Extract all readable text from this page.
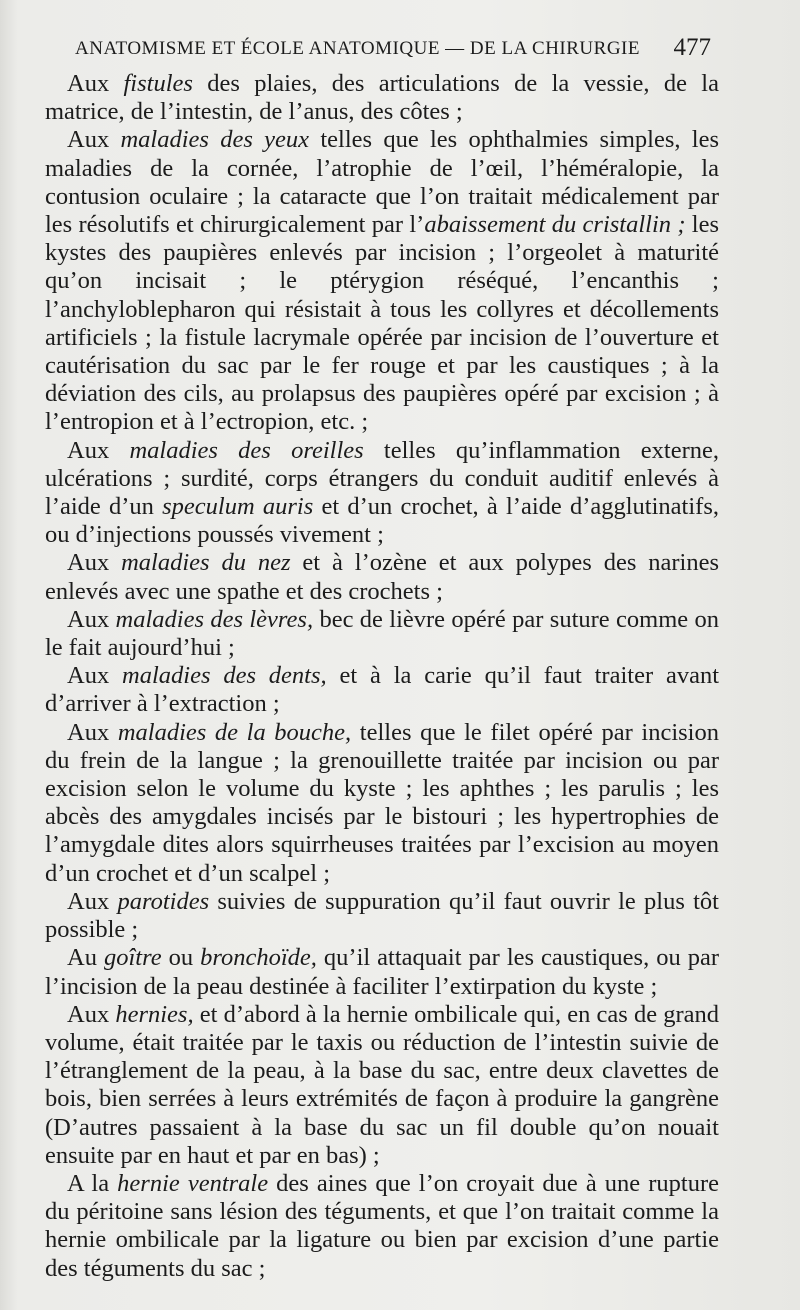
ANATOMISME ET ÉCOLE ANATOMIQUE — DE LA CHIRURGIE 477

Aux fistules des plaies, des articulations de la vessie, de la matrice, de l’intestin, de l’anus, des côtes ;

Aux maladies des yeux telles que les ophthalmies simples, les maladies de la cornée, l’atrophie de l’œil, l’héméralopie, la contusion oculaire ; la cataracte que l’on traitait médicalement par les résolutifs et chirurgicalement par l’abaissement du cristallin ; les kystes des paupières enlevés par incision ; l’orgeolet à maturité qu’on incisait ; le ptérygion réséqué, l’encanthis ; l’anchyloblepharon qui résistait à tous les collyres et décollements artificiels ; la fistule lacrymale opérée par incision de l’ouverture et cautérisation du sac par le fer rouge et par les caustiques ; à la déviation des cils, au prolapsus des paupières opéré par excision ; à l’entropion et à l’ectropion, etc. ;

Aux maladies des oreilles telles qu’inflammation externe, ulcérations ; surdité, corps étrangers du conduit auditif enlevés à l’aide d’un speculum auris et d’un crochet, à l’aide d’agglutinatifs, ou d’injections poussés vivement ;

Aux maladies du nez et à l’ozène et aux polypes des narines enlevés avec une spathe et des crochets ;

Aux maladies des lèvres, bec de lièvre opéré par suture comme on le fait aujourd’hui ;

Aux maladies des dents, et à la carie qu’il faut traiter avant d’arriver à l’extraction ;

Aux maladies de la bouche, telles que le filet opéré par incision du frein de la langue ; la grenouillette traitée par incision ou par excision selon le volume du kyste ; les aphthes ; les parulis ; les abcès des amygdales incisés par le bistouri ; les hypertrophies de l’amygdale dites alors squirrheuses traitées par l’excision au moyen d’un crochet et d’un scalpel ;

Aux parotides suivies de suppuration qu’il faut ouvrir le plus tôt possible ;

Au goître ou bronchoïde, qu’il attaquait par les caustiques, ou par l’incision de la peau destinée à faciliter l’extirpation du kyste ;

Aux hernies, et d’abord à la hernie ombilicale qui, en cas de grand volume, était traitée par le taxis ou réduction de l’intestin suivie de l’étranglement de la peau, à la base du sac, entre deux clavettes de bois, bien serrées à leurs extrémités de façon à produire la gangrène (D’autres passaient à la base du sac un fil double qu’on nouait ensuite par en haut et par en bas) ;

A la hernie ventrale des aines que l’on croyait due à une rupture du péritoine sans lésion des téguments, et que l’on traitait comme la hernie ombilicale par la ligature ou bien par excision d’une partie des téguments du sac ;
